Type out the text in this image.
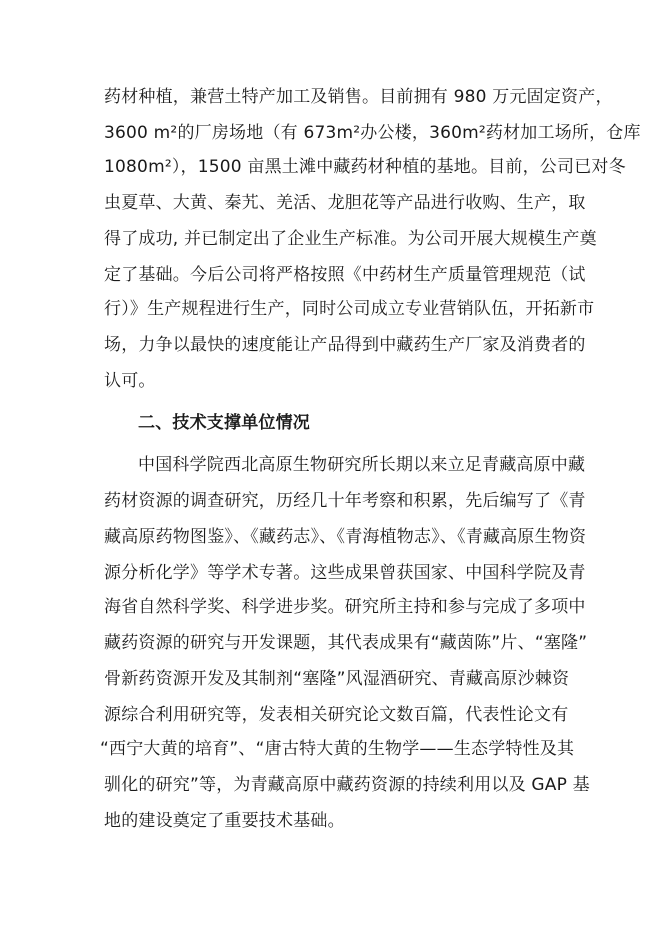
药材种植，兼营土特产加工及销售。目前拥有 980 万元固定资产，
3600 m²的厂房场地（有 673m²办公楼，360m²药材加工场所，仓库
1080m²），1500 亩黑土滩中藏药材种植的基地。目前，公司已对冬
虫夏草、大黄、秦艽、羌活、龙胆花等产品进行收购、生产，取
得了成功, 并已制定出了企业生产标准。为公司开展大规模生产奠
定了基础。今后公司将严格按照《中药材生产质量管理规范（试
行）》生产规程进行生产，同时公司成立专业营销队伍，开拓新市
场，力争以最快的速度能让产品得到中藏药生产厂家及消费者的
认可。
二、技术支撑单位情况
中国科学院西北高原生物研究所长期以来立足青藏高原中藏
药材资源的调查研究，历经几十年考察和积累，先后编写了《青
藏高原药物图鉴》、《藏药志》、《青海植物志》、《青藏高原生物资
源分析化学》等学术专著。这些成果曾获国家、中国科学院及青
海省自然科学奖、科学进步奖。研究所主持和参与完成了多项中
藏药资源的研究与开发课题，其代表成果有“藏茵陈”片、“塞隆”
骨新药资源开发及其制剂“塞隆”风湿酒研究、青藏高原沙棘资
源综合利用研究等，发表相关研究论文数百篇，代表性论文有
“西宁大黄的培育”、“唐古特大黄的生物学——生态学特性及其
驯化的研究”等，为青藏高原中藏药资源的持续利用以及 GAP 基
地的建设奠定了重要技术基础。
